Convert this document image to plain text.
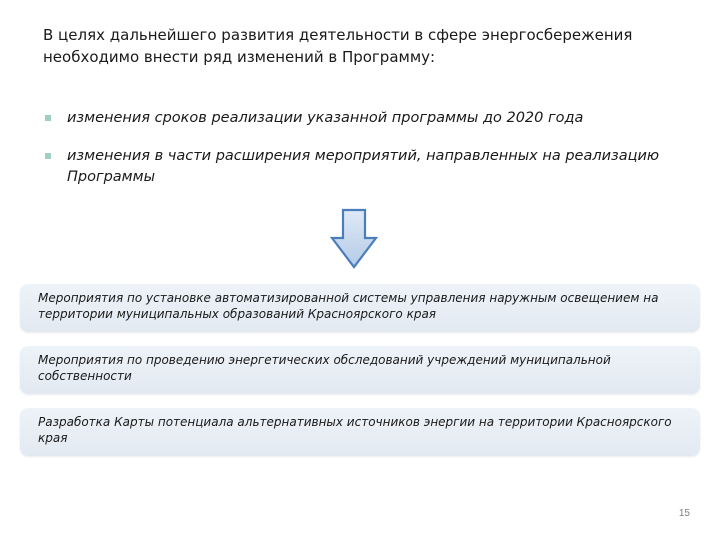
В целях дальнейшего развития деятельности в сфере энергосбережения необходимо внести ряд изменений в Программу:
изменения сроков реализации указанной программы до 2020 года
изменения в части расширения мероприятий, направленных на реализацию Программы
Мероприятия по установке автоматизированной системы управления наружным освещением на территории муниципальных образований Красноярского края
Мероприятия по проведению энергетических обследований учреждений муниципальной собственности
Разработка Карты потенциала альтернативных источников энергии на территории Красноярского края
15
